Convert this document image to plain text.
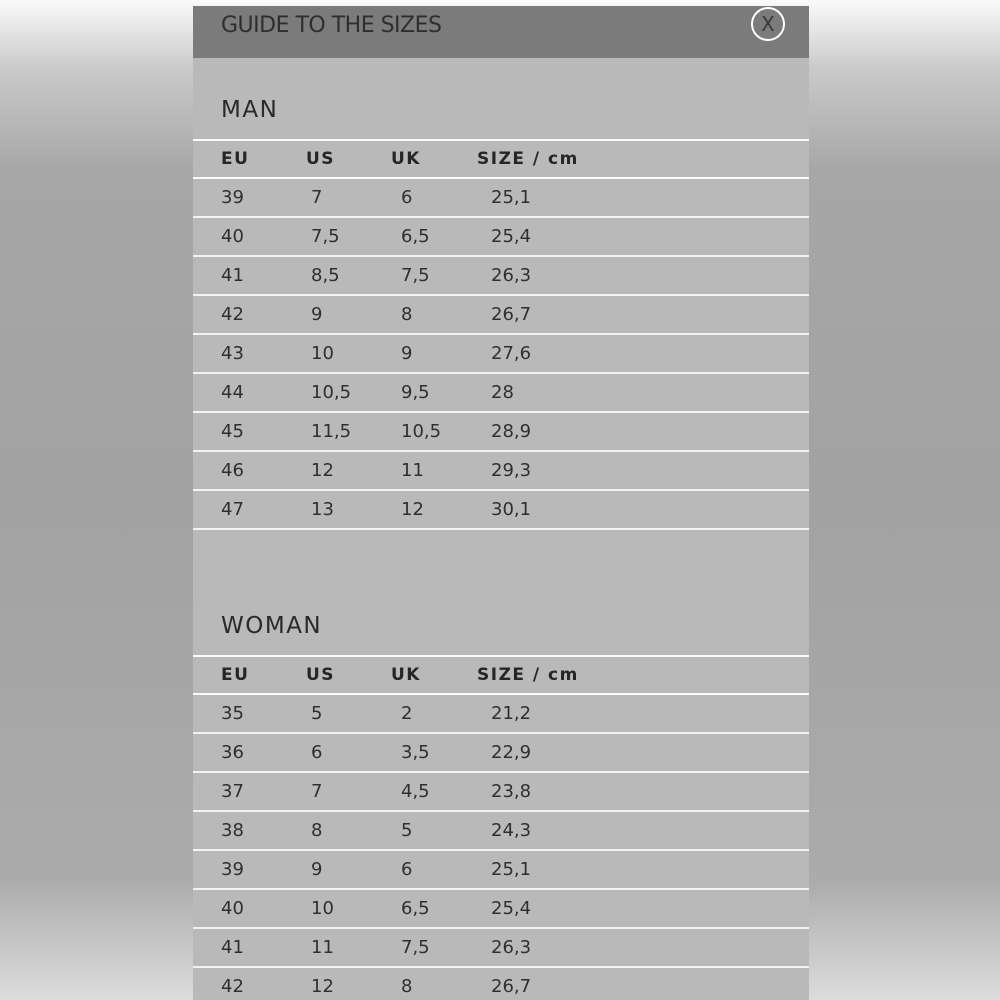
GUIDE TO THE SIZES	X
MAN
EU	US	UK	SIZE / cm
39	7	6	25,1
40	7,5	6,5	25,4
41	8,5	7,5	26,3
42	9	8	26,7
43	10	9	27,6
44	10,5	9,5	28
45	11,5	10,5	28,9
46	12	11	29,3
47	13	12	30,1
WOMAN
EU	US	UK	SIZE / cm
35	5	2	21,2
36	6	3,5	22,9
37	7	4,5	23,8
38	8	5	24,3
39	9	6	25,1
40	10	6,5	25,4
41	11	7,5	26,3
42	12	8	26,7
